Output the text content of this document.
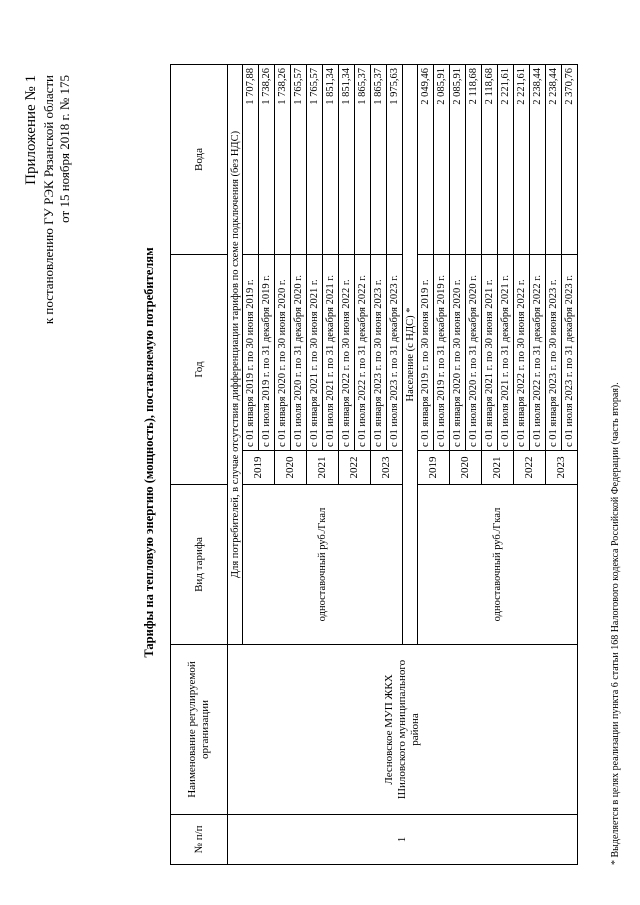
Приложение № 1 к постановлению ГУ РЭК Рязанской области от 15 ноября 2018 г. № 175
Тарифы на тепловую энергию (мощность), поставляемую потребителям
№ п/п	Наименование регулируемой организации	Вид тарифа	Год		Вода
1	Лесновское МУП ЖКХ Шиловского муниципального района	Для потребителей, в случае отсутствия дифференциации тарифов по схеме подключения (без НДС)			
		одноставочный руб./Гкал	2019	с 01 января 2019 г. по 30 июня 2019 г.	1 707,88
				с 01 июля 2019 г. по 31 декабря 2019 г.	1 738,26
			2020	с 01 января 2020 г. по 30 июня 2020 г.	1 738,26
				с 01 июля 2020 г. по 31 декабря 2020 г.	1 765,57
			2021	с 01 января 2021 г. по 30 июня 2021 г.	1 765,57
				с 01 июля 2021 г. по 31 декабря 2021 г.	1 851,34
			2022	с 01 января 2022 г. по 30 июня 2022 г.	1 851,34
				с 01 июля 2022 г. по 31 декабря 2022 г.	1 865,37
			2023	с 01 января 2023 г. по 30 июня 2023 г.	1 865,37
				с 01 июля 2023 г. по 31 декабря 2023 г.	1 975,63
		Население (с НДС) *			
		одноставочный руб./Гкал	2019	с 01 января 2019 г. по 30 июня 2019 г.	2 049,46
				с 01 июля 2019 г. по 31 декабря 2019 г.	2 085,91
			2020	с 01 января 2020 г. по 30 июня 2020 г.	2 085,91
				с 01 июля 2020 г. по 31 декабря 2020 г.	2 118,68
			2021	с 01 января 2021 г. по 30 июня 2021 г.	2 118,68
				с 01 июля 2021 г. по 31 декабря 2021 г.	2 221,61
			2022	с 01 января 2022 г. по 30 июня 2022 г.	2 221,61
				с 01 июля 2022 г. по 31 декабря 2022 г.	2 238,44
			2023	с 01 января 2023 г. по 30 июня 2023 г.	2 238,44
				с 01 июля 2023 г. по 31 декабря 2023 г.	2 370,76
* Выделяется в целях реализации пункта 6 статьи 168 Налогового кодекса Российской Федерации (часть вторая).
